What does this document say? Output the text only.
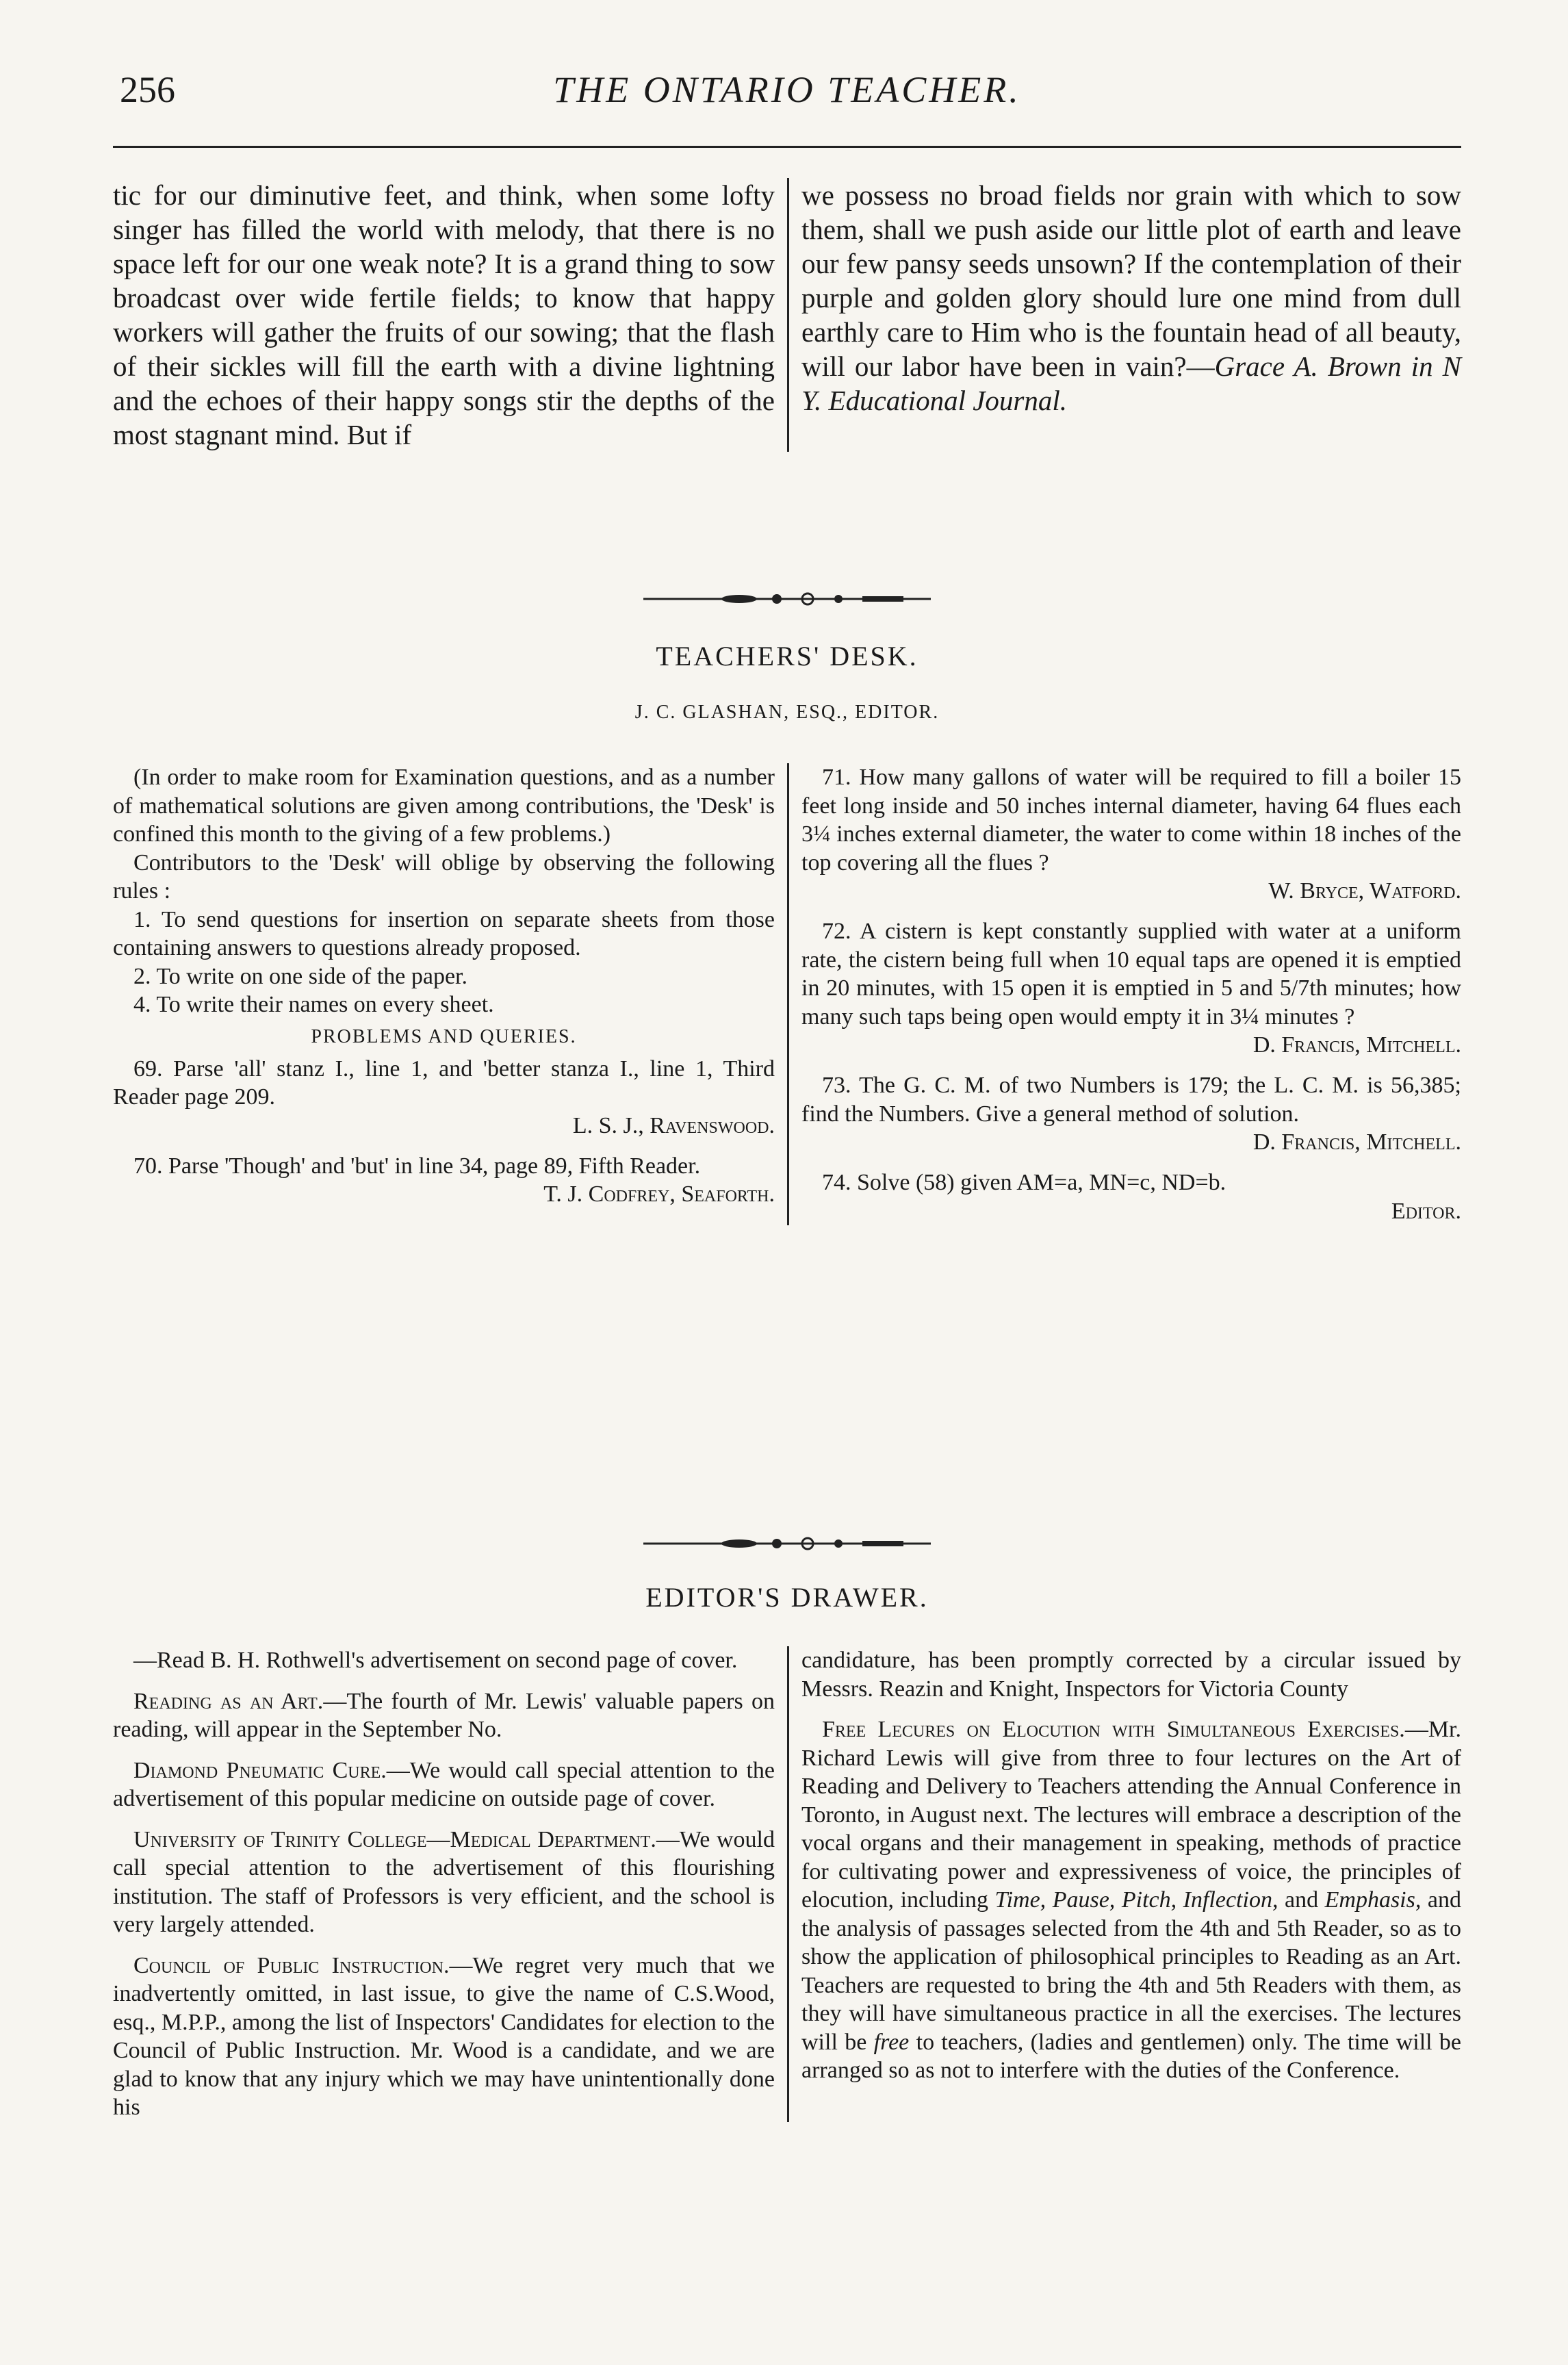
256	THE ONTARIO TEACHER.

tic for our diminutive feet, and think, when some lofty singer has filled the world with melody, that there is no space left for our one weak note? It is a grand thing to sow broadcast over wide fertile fields; to know that happy workers will gather the fruits of our sowing; that the flash of their sickles will fill the earth with a divine lightning and the echoes of their happy songs stir the depths of the most stagnant mind. But if

we possess no broad fields nor grain with which to sow them, shall we push aside our little plot of earth and leave our few pansy seeds unsown? If the contemplation of their purple and golden glory should lure one mind from dull earthly care to Him who is the fountain head of all beauty, will our labor have been in vain?—Grace A. Brown in N Y. Educational Journal.

TEACHERS' DESK.
J. C. GLASHAN, ESQ., EDITOR.

(In order to make room for Examination questions, and as a number of mathematical solutions are given among contributions, the 'Desk' is confined this month to the giving of a few problems.)

Contributors to the 'Desk' will oblige by observing the following rules :

1. To send questions for insertion on separate sheets from those containing answers to questions already proposed.

2. To write on one side of the paper.

4. To write their names on every sheet.

PROBLEMS AND QUERIES.

69. Parse 'all' stanz I., line 1, and 'better stanza I., line 1, Third Reader page 209.

L. S. J., Ravenswood.

70. Parse 'Though' and 'but' in line 34, page 89, Fifth Reader.

T. J. Codfrey, Seaforth.

71. How many gallons of water will be required to fill a boiler 15 feet long inside and 50 inches internal diameter, having 64 flues each 3¼ inches external diameter, the water to come within 18 inches of the top covering all the flues ?

W. Bryce, Watford.

72. A cistern is kept constantly supplied with water at a uniform rate, the cistern being full when 10 equal taps are opened it is emptied in 20 minutes, with 15 open it is emptied in 5 and 5/7th minutes; how many such taps being open would empty it in 3¼ minutes ?

D. Francis, Mitchell.

73. The G. C. M. of two Numbers is 179; the L. C. M. is 56,385; find the Numbers. Give a general method of solution.

D. Francis, Mitchell.

74. Solve (58) given AM=a, MN=c, ND=b.

Editor.

EDITOR'S DRAWER.

—Read B. H. Rothwell's advertisement on second page of cover.

Reading as an Art.—The fourth of Mr. Lewis' valuable papers on reading, will appear in the September No.

Diamond Pneumatic Cure.—We would call special attention to the advertisement of this popular medicine on outside page of cover.

University of Trinity College—Medical Department.—We would call special attention to the advertisement of this flourishing institution. The staff of Professors is very efficient, and the school is very largely attended.

Council of Public Instruction.—We regret very much that we inadvertently omitted, in last issue, to give the name of C.S.Wood, esq., M.P.P., among the list of Inspectors' Candidates for election to the Council of Public Instruction. Mr. Wood is a candidate, and we are glad to know that any injury which we may have unintentionally done his

candidature, has been promptly corrected by a circular issued by Messrs. Reazin and Knight, Inspectors for Victoria County

Free Lecures on Elocution with Simultaneous Exercises.—Mr. Richard Lewis will give from three to four lectures on the Art of Reading and Delivery to Teachers attending the Annual Conference in Toronto, in August next. The lectures will embrace a description of the vocal organs and their management in speaking, methods of practice for cultivating power and expressiveness of voice, the principles of elocution, including Time, Pause, Pitch, Inflection, and Emphasis, and the analysis of passages selected from the 4th and 5th Reader, so as to show the application of philosophical principles to Reading as an Art. Teachers are requested to bring the 4th and 5th Readers with them, as they will have simultaneous practice in all the exercises. The lectures will be free to teachers, (ladies and gentlemen) only. The time will be arranged so as not to interfere with the duties of the Conference.
